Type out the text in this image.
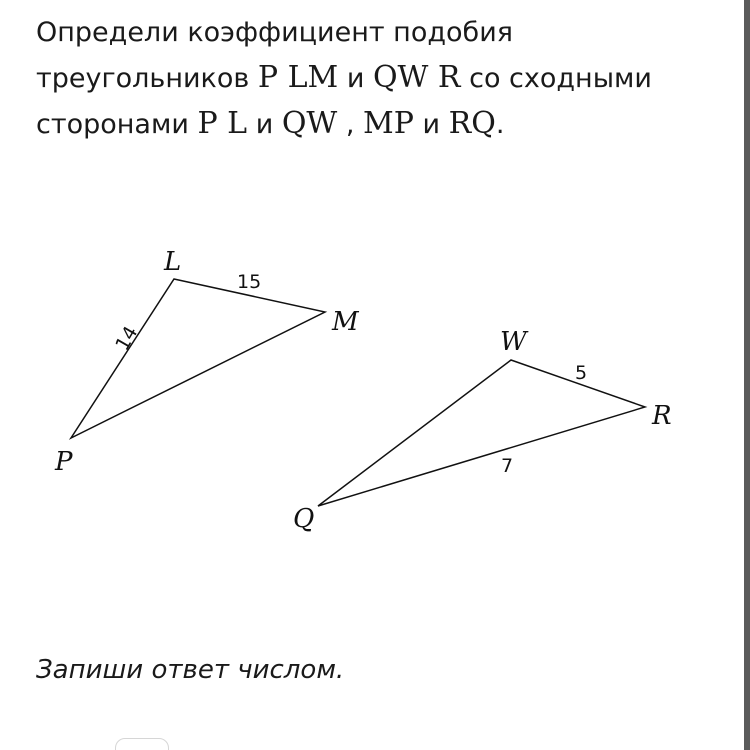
Определи коэффициент подобия треугольников P LM и QW R со сходными сторонами P L и QW , MP и RQ.
L
M
P
15
14	W
R
Q
5
7
Запиши ответ числом.
